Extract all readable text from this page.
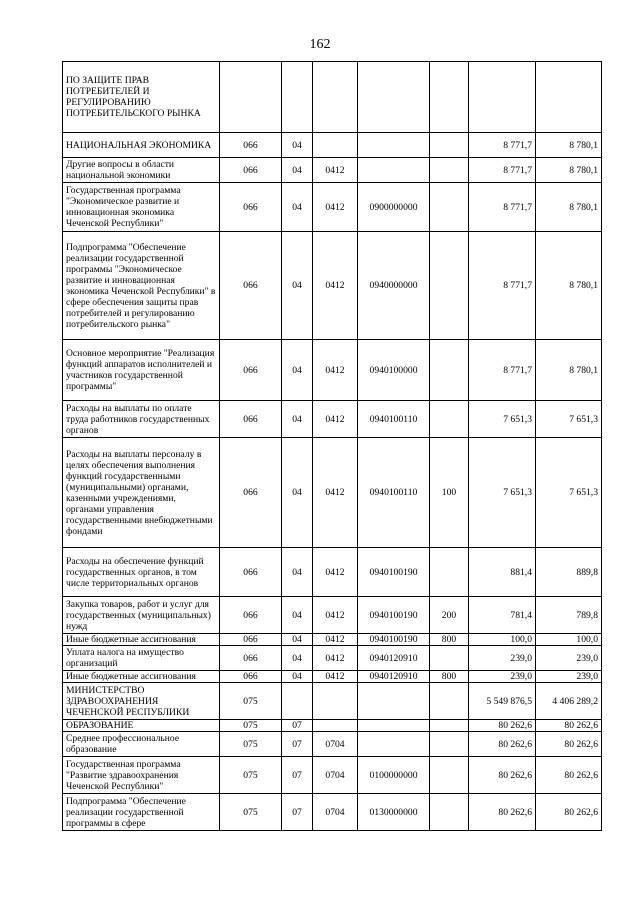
162
ПО ЗАЩИТЕ ПРАВ ПОТРЕБИТЕЛЕЙ И РЕГУЛИРОВАНИЮ ПОТРЕБИТЕЛЬСКОГО РЫНКА							
НАЦИОНАЛЬНАЯ ЭКОНОМИКА	066	04				8 771,7	8 780,1
Другие вопросы в области национальной экономики	066	04	0412			8 771,7	8 780,1
Государственная программа "Экономическое развитие и инновационная экономика Чеченской Республики"	066	04	0412	0900000000		8 771,7	8 780,1
Подпрограмма "Обеспечение реализации государственной программы "Экономическое развитие и инновационная экономика Чеченской Республики" в сфере обеспечения защиты прав потребителей и регулированию потребительского рынка"	066	04	0412	0940000000		8 771,7	8 780,1
Основное мероприятие "Реализация функций аппаратов исполнителей и участников государственной программы"	066	04	0412	0940100000		8 771,7	8 780,1
Расходы на выплаты по оплате труда работников государственных органов	066	04	0412	0940100110		7 651,3	7 651,3
Расходы на выплаты персоналу в целях обеспечения выполнения функций государственными (муниципальными) органами, казенными учреждениями, органами управления государственными внебюджетными фондами	066	04	0412	0940100110	100	7 651,3	7 651,3
Расходы на обеспечение функций государственных органов, в том числе территориальных органов	066	04	0412	0940100190		881,4	889,8
Закупка товаров, работ и услуг для государственных (муниципальных) нужд	066	04	0412	0940100190	200	781,4	789,8
Иные бюджетные ассигнования	066	04	0412	0940100190	800	100,0	100,0
Уплата налога на имущество организаций	066	04	0412	0940120910		239,0	239,0
Иные бюджетные ассигнования	066	04	0412	0940120910	800	239,0	239,0
МИНИСТЕРСТВО ЗДРАВООХРАНЕНИЯ ЧЕЧЕНСКОЙ РЕСПУБЛИКИ	075					5 549 876,5	4 406 289,2
ОБРАЗОВАНИЕ	075	07				80 262,6	80 262,6
Среднее профессиональное образование	075	07	0704			80 262,6	80 262,6
Государственная программа "Развитие здравоохранения Чеченской Республики"	075	07	0704	0100000000		80 262,6	80 262,6
Подпрограмма "Обеспечение реализации государственной программы в сфере	075	07	0704	0130000000		80 262,6	80 262,6
